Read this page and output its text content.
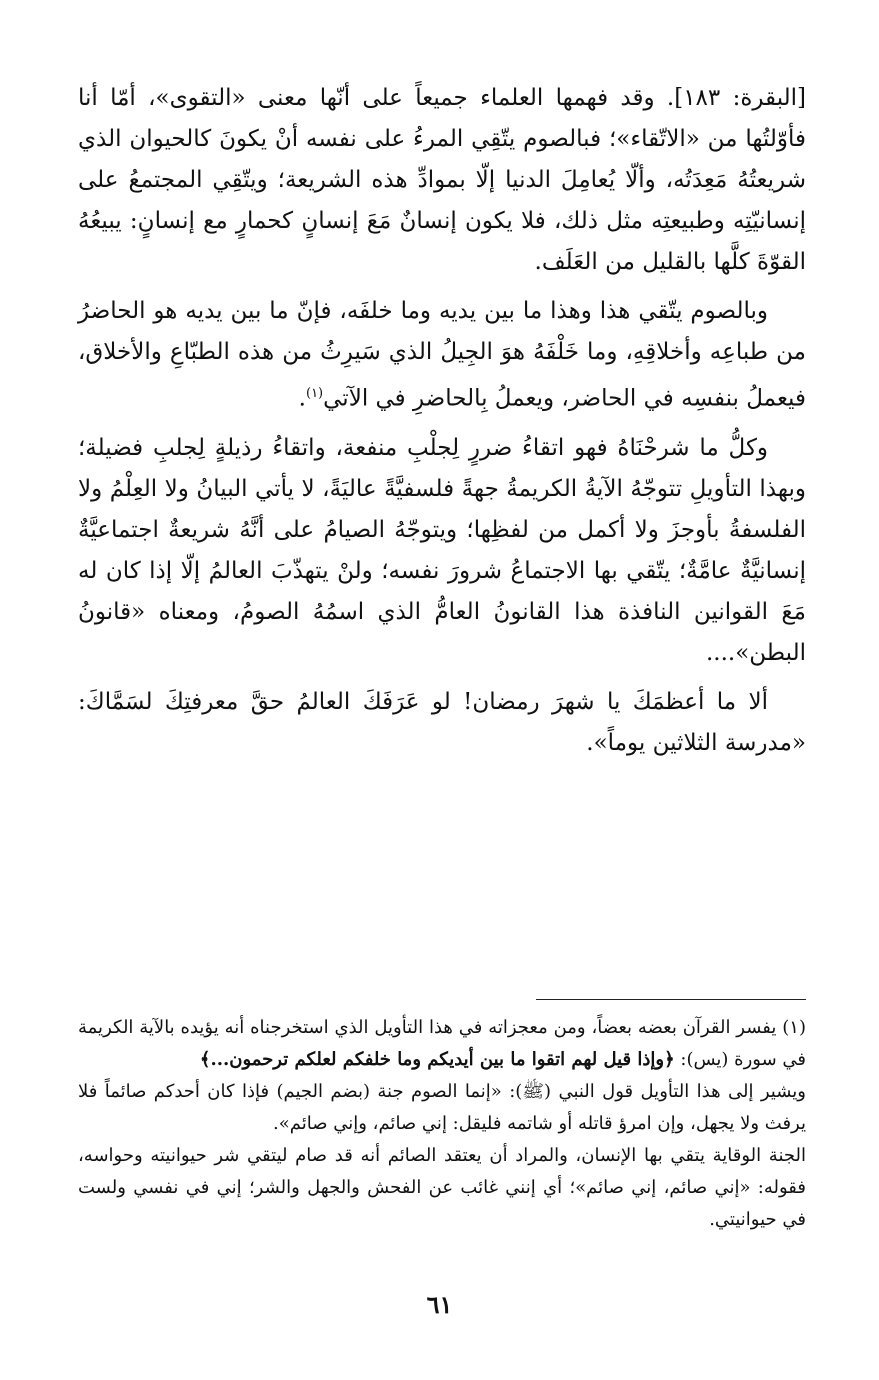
[البقرة: ١٨٣]. وقد فهمها العلماء جميعاً على أنّها معنى «التقوى»، أمّا أنا فأوّلتُها من «الاتّقاء»؛ فبالصوم يتّقِي المرءُ على نفسه أنْ يكونَ كالحيوان الذي شريعتُهُ مَعِدَتُه، وألّا يُعامِلَ الدنيا إلّا بموادِّ هذه الشريعة؛ ويتّقِي المجتمعُ على إنسانيّتِه وطبيعتِه مثل ذلك، فلا يكون إنسانٌ مَعَ إنسانٍ كحمارٍ مع إنسانٍ: يبيعُهُ القوّةَ كلَّها بالقليل من العَلَف.

وبالصوم يتّقي هذا وهذا ما بين يديه وما خلفَه، فإنّ ما بين يديه هو الحاضرُ من طباعِه وأخلاقِهِ، وما خَلْفَهُ هوَ الجِيلُ الذي سَيرِثُ من هذه الطبّاعِ والأخلاق، فيعملُ بنفسِه في الحاضر، ويعملُ بِالحاضرِ في الآتي$^{(١)}$.

وكلُّ ما شرحْنَاهُ فهو اتقاءُ ضررٍ لِجلْبِ منفعة، واتقاءُ رذيلةٍ لِجلبِ فضيلة؛ وبهذا التأويلِ تتوجّهُ الآيةُ الكريمةُ جهةً فلسفيَّةً عاليَةً، لا يأتي البيانُ ولا العِلْمُ ولا الفلسفةُ بأوجزَ ولا أكمل من لفظِها؛ ويتوجّهُ الصيامُ على أنَّهُ شريعةٌ اجتماعيَّةٌ إنسانيَّةٌ عامَّةٌ؛ يتّقي بها الاجتماعُ شرورَ نفسه؛ ولنْ يتهذّبَ العالمُ إلّا إذا كان له مَعَ القوانين النافذة هذا القانونُ العامُّ الذي اسمُهُ الصومُ، ومعناه «قانونُ البطن»....

ألا ما أعظمَكَ يا شهرَ رمضان! لو عَرَفَكَ العالمُ حقَّ معرفتِكَ لسَمَّاكَ: «مدرسة الثلاثين يوماً».

(١) يفسر القرآن بعضه بعضاً، ومن معجزاته في هذا التأويل الذي استخرجناه أنه يؤيده بالآية الكريمة في سورة (يس): ﴿وإذا قيل لهم اتقوا ما بين أيديكم وما خلفكم لعلكم ترحمون...﴾

ويشير إلى هذا التأويل قول النبي (ﷺ): «إنما الصوم جنة (بضم الجيم) فإذا كان أحدكم صائماً فلا يرفث ولا يجهل، وإن امرؤ قاتله أو شاتمه فليقل: إني صائم، وإني صائم».

الجنة الوقاية يتقي بها الإنسان، والمراد أن يعتقد الصائم أنه قد صام ليتقي شر حيوانيته وحواسه، فقوله: «إني صائم، إني صائم»؛ أي إنني غائب عن الفحش والجهل والشر؛ إني في نفسي ولست في حيوانيتي.

٦١
